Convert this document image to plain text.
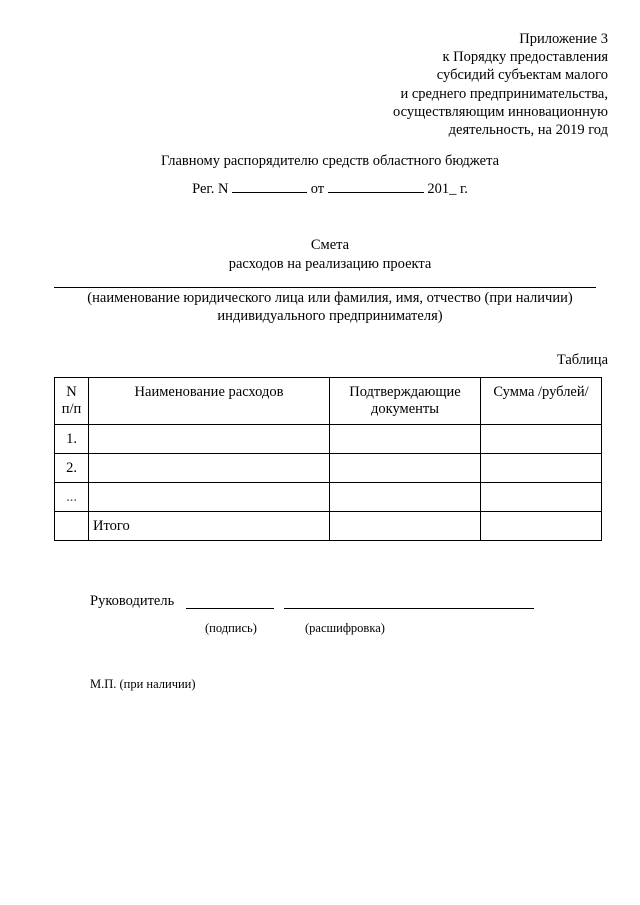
Приложение 3
к Порядку предоставления
субсидий субъектам малого
и среднего предпринимательства,
осуществляющим инновационную
деятельность, на 2019 год
Главному распорядителю средств областного бюджета
Рег. N	от	201_ г.
Смета
расходов на реализацию проекта
(наименование юридического лица или фамилия, имя, отчество (при наличии)
индивидуального предпринимателя)
Таблица
N п/п	Наименование расходов	Подтверждающие документы	Сумма /рублей/
1.			
2.			
...			
	Итого		
Руководитель
(подпись)	(расшифровка)
М.П. (при наличии)
